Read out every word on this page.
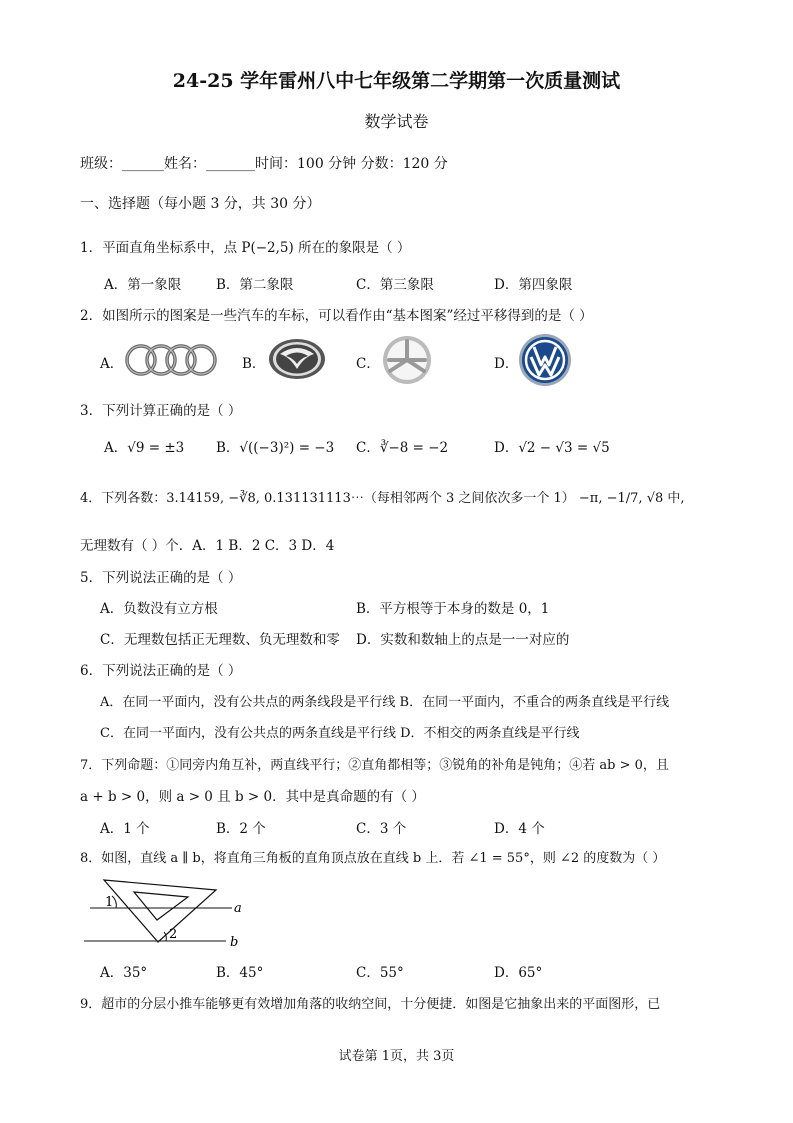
24-25 学年雷州八中七年级第二学期第一次质量测试
数学试卷
班级：______姓名：_______时间：100 分钟 分数：120 分
一、选择题（每小题 3 分，共 30 分）
1．平面直角坐标系中，点 P(−2,5) 所在的象限是（ ）
A．第一象限	B．第二象限	C．第三象限	D．第四象限
2．如图所示的图案是一些汽车的车标，可以看作由“基本图案”经过平移得到的是（ ）
A．	B．	C．	D．
3．下列计算正确的是（ ）
A．√9 = ±3 B．√((−3)²) = −3 C．∛−8 = −2	D．√2 − √3 = √5
4．下列各数：3.14159, −∛8, 0.131131113⋯（每相邻两个 3 之间依次多一个 1） −π, −1/7, √8 中,
无理数有（ ）个．A．1 B．2 C．3 D．4
5．下列说法正确的是（ ）
A．负数没有立方根	B．平方根等于本身的数是 0，1
C．无理数包括正无理数、负无理数和零 D．实数和数轴上的点是一一对应的
6．下列说法正确的是（ ）
A．在同一平面内，没有公共点的两条线段是平行线 B．在同一平面内，不重合的两条直线是平行线
C．在同一平面内，没有公共点的两条直线是平行线 D．不相交的两条直线是平行线
7．下列命题：①同旁内角互补，两直线平行；②直角都相等；③锐角的补角是钝角；④若 ab > 0，且
a + b > 0，则 a > 0 且 b > 0．其中是真命题的有（ ）
A．1 个	B．2 个	C．3 个	D．4 个
8．如图，直线 a ∥ b，将直角三角板的直角顶点放在直线 b 上．若 ∠1 = 55°，则 ∠2 的度数为（ ）
1
2
a
b
A．35°	B．45°	C．55°	D．65°
9．超市的分层小推车能够更有效增加角落的收纳空间，十分便捷．如图是它抽象出来的平面图形，已
试卷第 1页，共 3页
